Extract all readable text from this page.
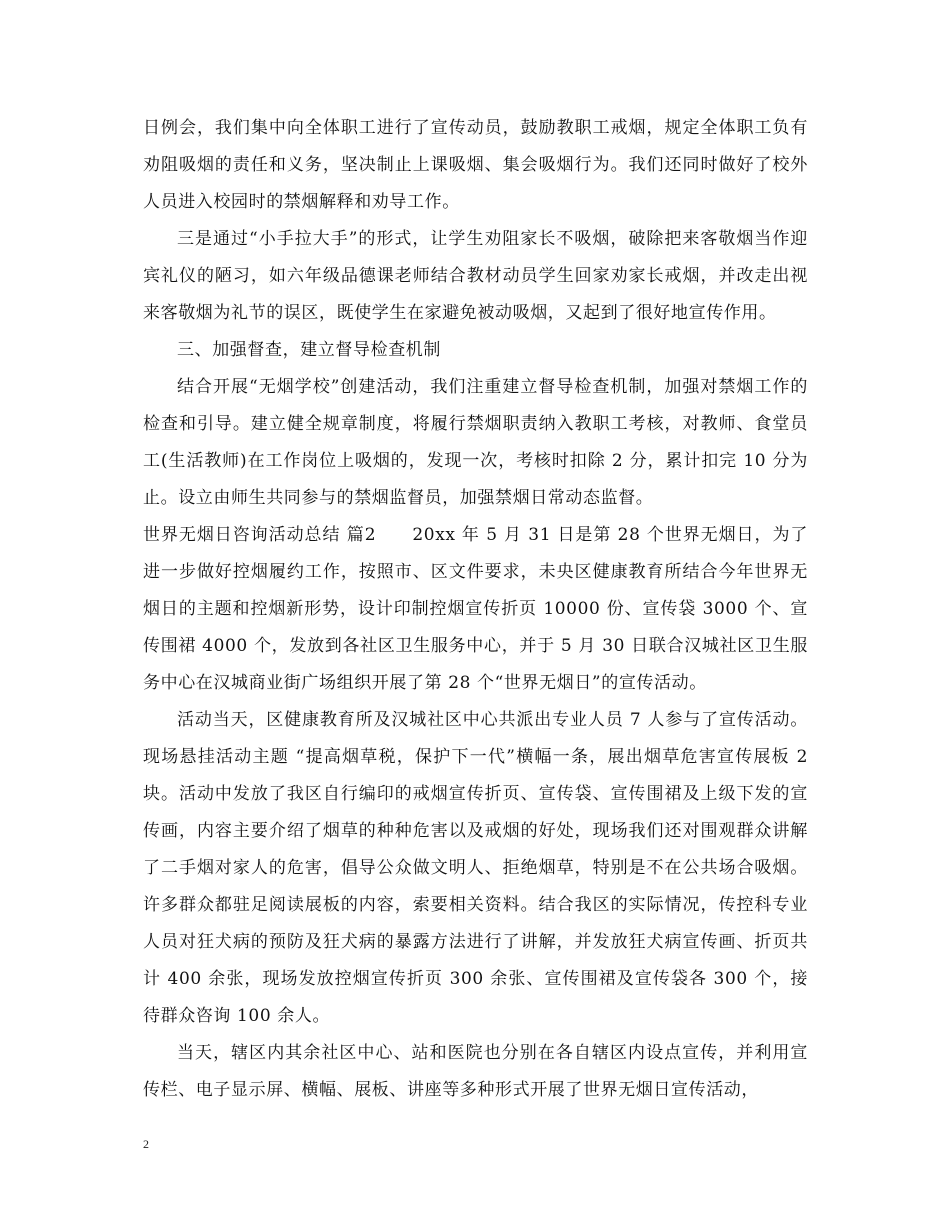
日例会，我们集中向全体职工进行了宣传动员，鼓励教职工戒烟，规定全体职工负有劝阻吸烟的责任和义务，坚决制止上课吸烟、集会吸烟行为。我们还同时做好了校外人员进入校园时的禁烟解释和劝导工作。

三是通过“小手拉大手”的形式，让学生劝阻家长不吸烟，破除把来客敬烟当作迎宾礼仪的陋习，如六年级品德课老师结合教材动员学生回家劝家长戒烟，并改走出视来客敬烟为礼节的误区，既使学生在家避免被动吸烟，又起到了很好地宣传作用。

三、加强督查，建立督导检查机制

结合开展“无烟学校”创建活动，我们注重建立督导检查机制，加强对禁烟工作的检查和引导。建立健全规章制度，将履行禁烟职责纳入教职工考核，对教师、食堂员工(生活教师)在工作岗位上吸烟的，发现一次，考核时扣除 2 分，累计扣完 10 分为止。设立由师生共同参与的禁烟监督员，加强禁烟日常动态监督。

世界无烟日咨询活动总结 篇2　　20xx 年 5 月 31 日是第 28 个世界无烟日，为了进一步做好控烟履约工作，按照市、区文件要求，未央区健康教育所结合今年世界无烟日的主题和控烟新形势，设计印制控烟宣传折页 10000 份、宣传袋 3000 个、宣传围裙 4000 个，发放到各社区卫生服务中心，并于 5 月 30 日联合汉城社区卫生服务中心在汉城商业街广场组织开展了第 28 个“世界无烟日”的宣传活动。

活动当天，区健康教育所及汉城社区中心共派出专业人员 7 人参与了宣传活动。现场悬挂活动主题 “提高烟草税，保护下一代”横幅一条，展出烟草危害宣传展板 2 块。活动中发放了我区自行编印的戒烟宣传折页、宣传袋、宣传围裙及上级下发的宣传画，内容主要介绍了烟草的种种危害以及戒烟的好处，现场我们还对围观群众讲解了二手烟对家人的危害，倡导公众做文明人、拒绝烟草，特别是不在公共场合吸烟。许多群众都驻足阅读展板的内容，索要相关资料。结合我区的实际情况，传控科专业人员对狂犬病的预防及狂犬病的暴露方法进行了讲解，并发放狂犬病宣传画、折页共计 400 余张，现场发放控烟宣传折页 300 余张、宣传围裙及宣传袋各 300 个，接待群众咨询 100 余人。

当天，辖区内其余社区中心、站和医院也分别在各自辖区内设点宣传，并利用宣传栏、电子显示屏、横幅、展板、讲座等多种形式开展了世界无烟日宣传活动，

2
